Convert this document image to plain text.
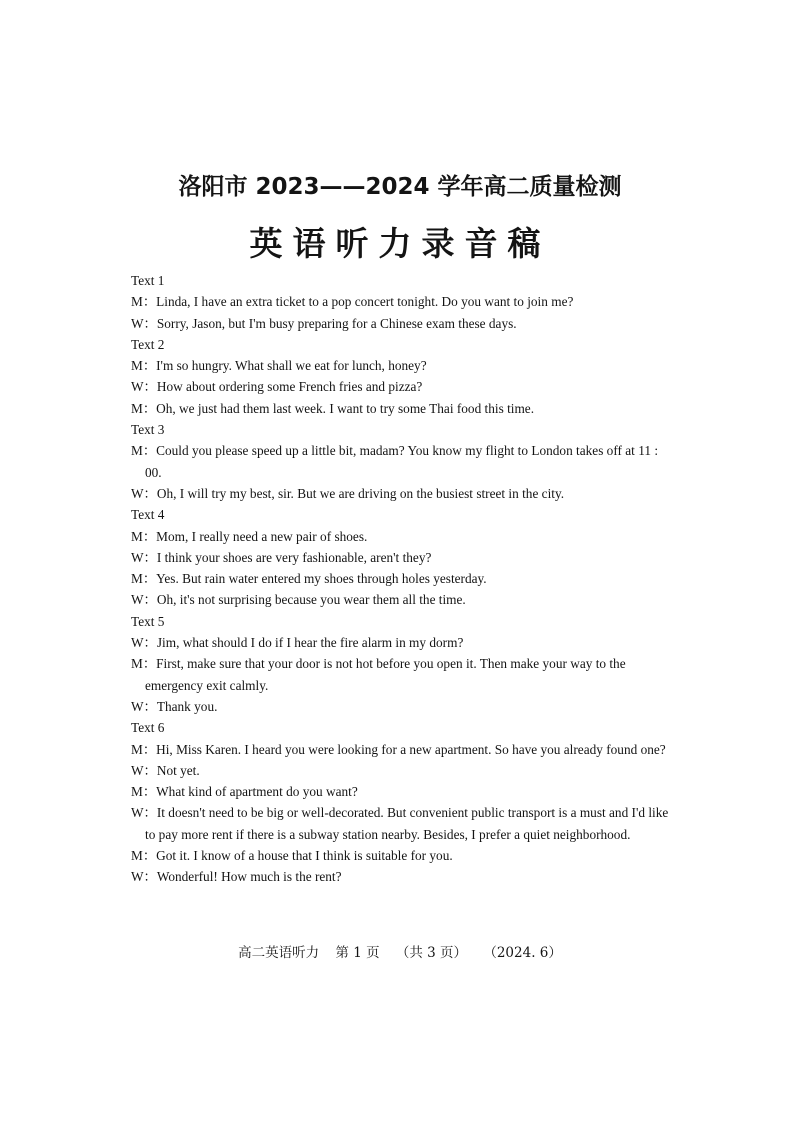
洛阳市 2023——2024 学年高二质量检测
英语听力录音稿
Text 1
M：Linda, I have an extra ticket to a pop concert tonight. Do you want to join me?
W：Sorry, Jason, but I'm busy preparing for a Chinese exam these days.
Text 2
M：I'm so hungry. What shall we eat for lunch, honey?
W：How about ordering some French fries and pizza?
M：Oh, we just had them last week. I want to try some Thai food this time.
Text 3
M：Could you please speed up a little bit, madam? You know my flight to London takes off at 11 : 00.
W：Oh, I will try my best, sir. But we are driving on the busiest street in the city.
Text 4
M：Mom, I really need a new pair of shoes.
W：I think your shoes are very fashionable, aren't they?
M：Yes. But rain water entered my shoes through holes yesterday.
W：Oh, it's not surprising because you wear them all the time.
Text 5
W：Jim, what should I do if I hear the fire alarm in my dorm?
M：First, make sure that your door is not hot before you open it. Then make your way to the emergency exit calmly.
W：Thank you.
Text 6
M：Hi, Miss Karen. I heard you were looking for a new apartment. So have you already found one?
W：Not yet.
M：What kind of apartment do you want?
W：It doesn't need to be big or well-decorated. But convenient public transport is a must and I'd like to pay more rent if there is a subway station nearby. Besides, I prefer a quiet neighborhood.
M：Got it. I know of a house that I think is suitable for you.
W：Wonderful! How much is the rent?
高二英语听力 第 1 页 （共 3 页） （2024. 6）
